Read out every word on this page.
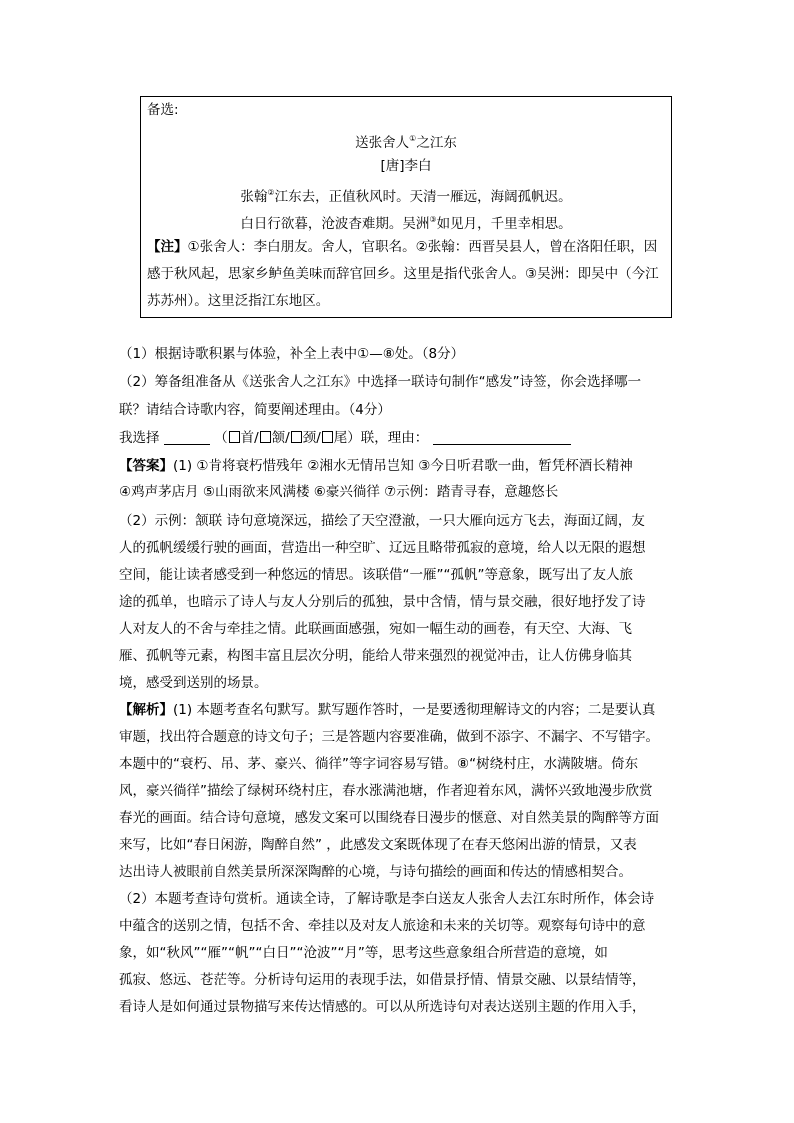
备选:
送张舍人①之江东
[唐]李白
张翰②江东去，正值秋风时。天清一雁远，海阔孤帆迟。
白日行欲暮，沧波杳难期。吴洲③如见月，千里幸相思。
【注】①张舍人：李白朋友。舍人，官职名。②张翰：西晋吴县人，曾在洛阳任职，因
感于秋风起，思家乡鲈鱼美味而辞官回乡。这里是指代张舍人。③吴洲：即吴中（今江
苏苏州）。这里泛指江东地区。
（1）根据诗歌积累与体验，补全上表中①—⑧处。（8分）
（2）筹备组准备从《送张舍人之江东》中选择一联诗句制作“感发”诗签，你会选择哪一
联？请结合诗歌内容，简要阐述理由。（4分）
我选择	（ 首/ 颔/ 颈/ 尾）联，理由：
【答案】(1) ①肯将衰朽惜残年 ②湘水无情吊岂知 ③今日听君歌一曲，暂凭杯酒长精神
④鸡声茅店月 ⑤山雨欲来风满楼 ⑥豪兴徜徉 ⑦示例：踏青寻春，意趣悠长
（2）示例：颔联 诗句意境深远，描绘了天空澄澈，一只大雁向远方飞去，海面辽阔，友
人的孤帆缓缓行驶的画面，营造出一种空旷、辽远且略带孤寂的意境，给人以无限的遐想
空间，能让读者感受到一种悠远的情思。该联借“一雁”“孤帆”等意象，既写出了友人旅
途的孤单，也暗示了诗人与友人分别后的孤独，景中含情，情与景交融，很好地抒发了诗
人对友人的不舍与牵挂之情。此联画面感强，宛如一幅生动的画卷，有天空、大海、飞
雁、孤帆等元素，构图丰富且层次分明，能给人带来强烈的视觉冲击，让人仿佛身临其
境，感受到送别的场景。
【解析】(1) 本题考查名句默写。默写题作答时，一是要透彻理解诗文的内容；二是要认真
审题，找出符合题意的诗文句子；三是答题内容要准确，做到不添字、不漏字、不写错字。
本题中的“衰朽、吊、茅、豪兴、徜徉”等字词容易写错。⑧“树绕村庄，水满陂塘。倚东
风，豪兴徜徉”描绘了绿树环绕村庄，春水涨满池塘，作者迎着东风，满怀兴致地漫步欣赏
春光的画面。结合诗句意境，感发文案可以围绕春日漫步的惬意、对自然美景的陶醉等方面
来写，比如“春日闲游，陶醉自然” ，此感发文案既体现了在春天悠闲出游的情景，又表
达出诗人被眼前自然美景所深深陶醉的心境，与诗句描绘的画面和传达的情感相契合。
（2）本题考查诗句赏析。通读全诗，了解诗歌是李白送友人张舍人去江东时所作，体会诗
中蕴含的送别之情，包括不舍、牵挂以及对友人旅途和未来的关切等。观察每句诗中的意
象，如“秋风”“雁”“帆”“白日”“沧波”“月”等，思考这些意象组合所营造的意境，如
孤寂、悠远、苍茫等。分析诗句运用的表现手法，如借景抒情、情景交融、以景结情等，
看诗人是如何通过景物描写来传达情感的。可以从所选诗句对表达送别主题的作用入手，
